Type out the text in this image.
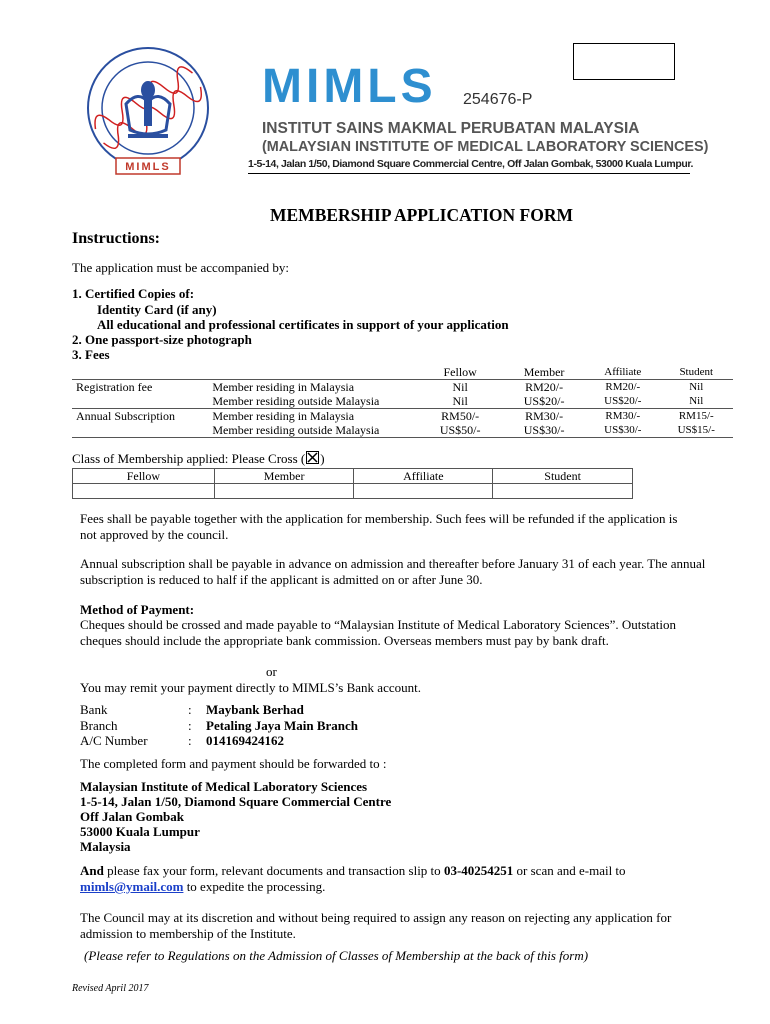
MIMLS
MIMLS 254676-P
INSTITUT SAINS MAKMAL PERUBATAN MALAYSIA
(MALAYSIAN INSTITUTE OF MEDICAL LABORATORY SCIENCES)
1-5-14, Jalan 1/50, Diamond Square Commercial Centre, Off Jalan Gombak, 53000 Kuala Lumpur.
MEMBERSHIP APPLICATION FORM
Instructions:
The application must be accompanied by:
1. Certified Copies of:
Identity Card (if any)
All educational and professional certificates in support of your application
2. One passport-size photograph
3. Fees
		Fellow	Member	Affiliate	Student
Registration fee	Member residing in Malaysia	Nil	RM20/-	RM20/-	Nil
	Member residing outside Malaysia	Nil	US$20/-	US$20/-	Nil
Annual Subscription	Member residing in Malaysia	RM50/-	RM30/-	RM30/-	RM15/-
	Member residing outside Malaysia	US$50/-	US$30/-	US$30/-	US$15/-
Class of Membership applied: Please Cross (☒)
Fellow	Member	Affiliate	Student

Fees shall be payable together with the application for membership. Such fees will be refunded if the application is not approved by the council.
Annual subscription shall be payable in advance on admission and thereafter before January 31 of each year. The annual subscription is reduced to half if the applicant is admitted on or after June 30.
Method of Payment:
Cheques should be crossed and made payable to “Malaysian Institute of Medical Laboratory Sciences”. Outstation cheques should include the appropriate bank commission. Overseas members must pay by bank draft.
or
You may remit your payment directly to MIMLS’s Bank account.
Bank	: Maybank Berhad
Branch	: Petaling Jaya Main Branch
A/C Number	: 014169424162
The completed form and payment should be forwarded to :
Malaysian Institute of Medical Laboratory Sciences
1-5-14, Jalan 1/50, Diamond Square Commercial Centre
Off Jalan Gombak
53000 Kuala Lumpur
Malaysia
And please fax your form, relevant documents and transaction slip to 03-40254251 or scan and e-mail to
mimls@ymail.com to expedite the processing.
The Council may at its discretion and without being required to assign any reason on rejecting any application for admission to membership of the Institute.
(Please refer to Regulations on the Admission of Classes of Membership at the back of this form)
Revised April 2017
